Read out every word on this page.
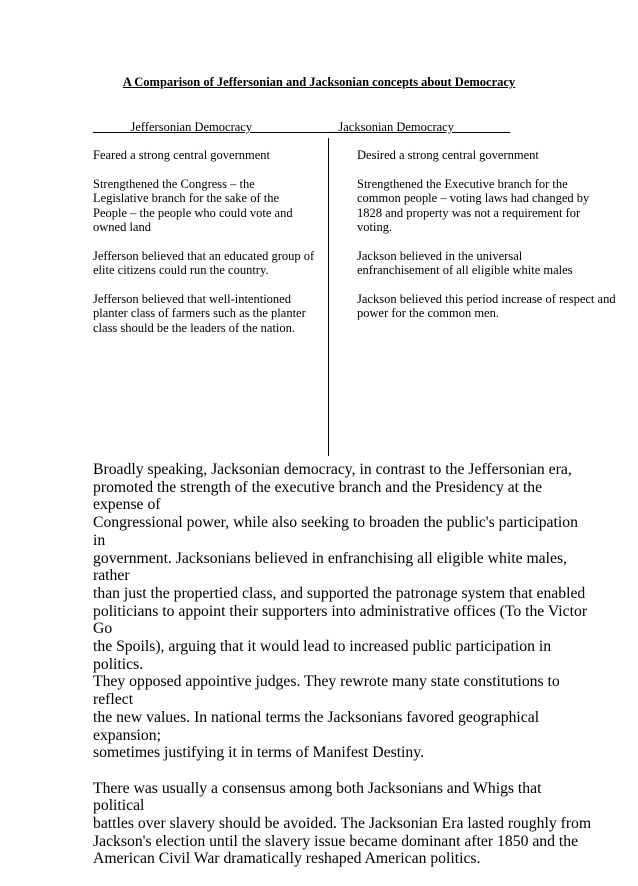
A Comparison of Jeffersonian and Jacksonian concepts about Democracy
______Jeffersonian Democracy___________________
_ Jacksonian Democracy_________

Feared a strong central government

Strengthened the Congress – the
Legislative branch for the sake of the
People – the people who could vote and
owned land

Jefferson believed that an educated group of
elite citizens could run the country.

Jefferson believed that well-intentioned
planter class of farmers such as the planter
class should be the leaders of the nation.

Desired a strong central government

Strengthened the Executive branch for the
common people – voting laws had changed by
1828 and property was not a requirement for
voting.

Jackson believed in the universal
enfranchisement of all eligible white males

Jackson believed this period increase of respect and
power for the common men.

Broadly speaking, Jacksonian democracy, in contrast to the Jeffersonian era,
promoted the strength of the executive branch and the Presidency at the expense of
Congressional power, while also seeking to broaden the public's participation in
government. Jacksonians believed in enfranchising all eligible white males, rather
than just the propertied class, and supported the patronage system that enabled
politicians to appoint their supporters into administrative offices (To the Victor Go
the Spoils), arguing that it would lead to increased public participation in politics.
They opposed appointive judges. They rewrote many state constitutions to reflect
the new values. In national terms the Jacksonians favored geographical expansion;
sometimes justifying it in terms of Manifest Destiny.

There was usually a consensus among both Jacksonians and Whigs that political
battles over slavery should be avoided. The Jacksonian Era lasted roughly from
Jackson's election until the slavery issue became dominant after 1850 and the
American Civil War dramatically reshaped American politics.
